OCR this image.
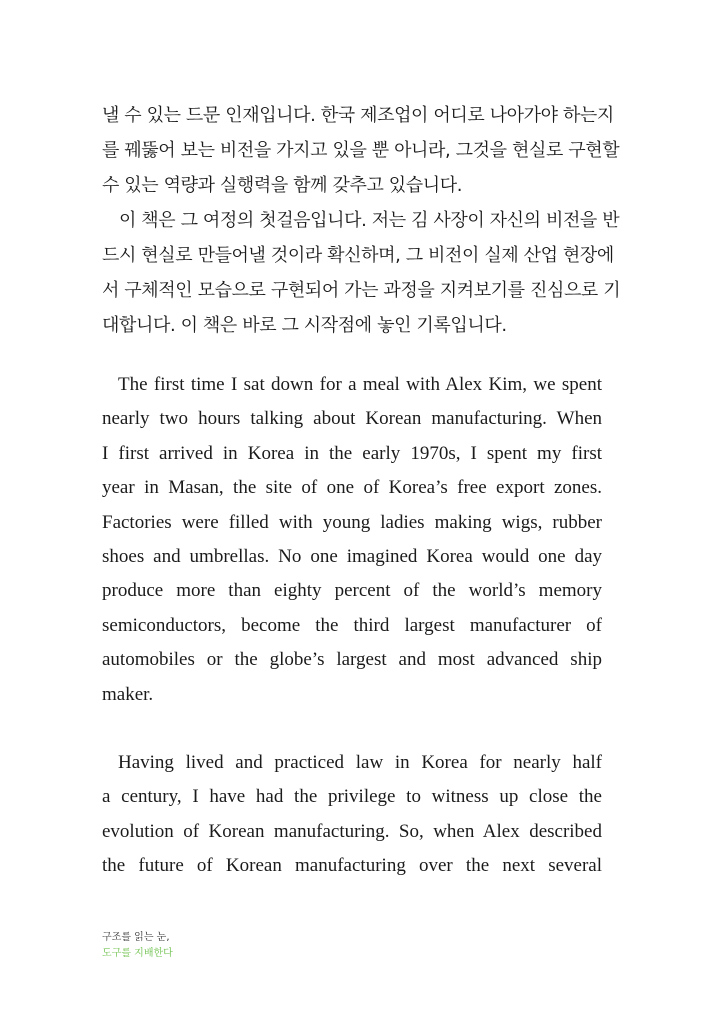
낼 수 있는 드문 인재입니다. 한국 제조업이 어디로 나아가야 하는지
를 꿰뚫어 보는 비전을 가지고 있을 뿐 아니라, 그것을 현실로 구현할
수 있는 역량과 실행력을 함께 갖추고 있습니다.
이 책은 그 여정의 첫걸음입니다. 저는 김 사장이 자신의 비전을 반
드시 현실로 만들어낼 것이라 확신하며, 그 비전이 실제 산업 현장에
서 구체적인 모습으로 구현되어 가는 과정을 지켜보기를 진심으로 기
대합니다. 이 책은 바로 그 시작점에 놓인 기록입니다.
The first time I sat down for a meal with Alex Kim, we spent
nearly two hours talking about Korean manufacturing. When
I first arrived in Korea in the early 1970s, I spent my first
year in Masan, the site of one of Korea’s free export zones.
Factories were filled with young ladies making wigs, rubber
shoes and umbrellas. No one imagined Korea would one day
produce more than eighty percent of the world’s memory
semiconductors, become the third largest manufacturer of
automobiles or the globe’s largest and most advanced ship
maker.
Having lived and practiced law in Korea for nearly half
a century, I have had the privilege to witness up close the
evolution of Korean manufacturing. So, when Alex described
the future of Korean manufacturing over the next several
구조를 읽는 눈,
도구를 지배한다
